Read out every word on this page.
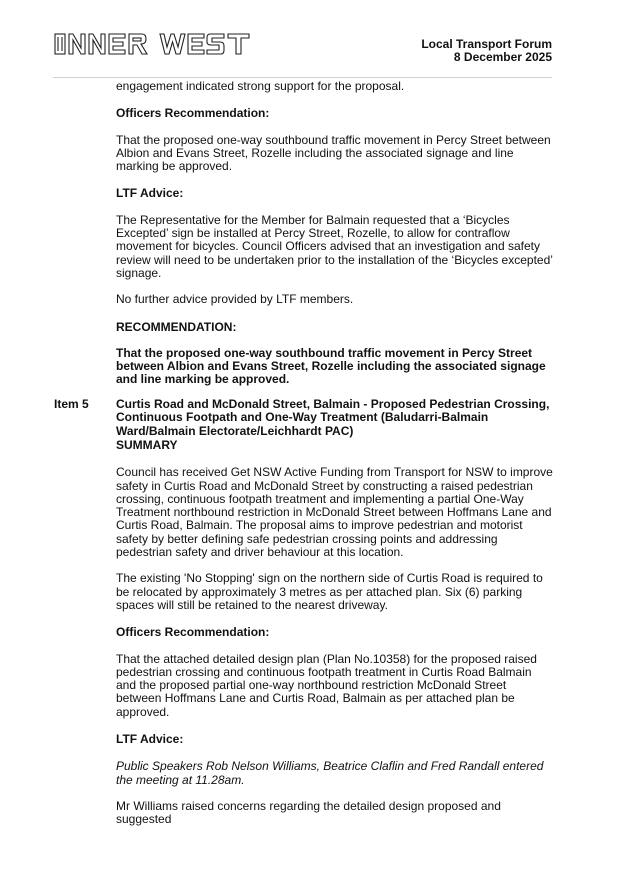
Local Transport Forum
8 December 2025

engagement indicated strong support for the proposal.

Officers Recommendation:

That the proposed one-way southbound traffic movement in Percy Street between Albion and Evans Street, Rozelle including the associated signage and line marking be approved.

LTF Advice:

The Representative for the Member for Balmain requested that a ‘Bicycles Excepted’ sign be installed at Percy Street, Rozelle, to allow for contraflow movement for bicycles. Council Officers advised that an investigation and safety review will need to be undertaken prior to the installation of the ‘Bicycles excepted’ signage.

No further advice provided by LTF members.

RECOMMENDATION:

That the proposed one-way southbound traffic movement in Percy Street between Albion and Evans Street, Rozelle including the associated signage and line marking be approved.

Item 5 Curtis Road and McDonald Street, Balmain - Proposed Pedestrian Crossing, Continuous Footpath and One-Way Treatment (Baludarri-Balmain Ward/Balmain Electorate/Leichhardt PAC)

SUMMARY

Council has received Get NSW Active Funding from Transport for NSW to improve safety in Curtis Road and McDonald Street by constructing a raised pedestrian crossing, continuous footpath treatment and implementing a partial One-Way Treatment northbound restriction in McDonald Street between Hoffmans Lane and Curtis Road, Balmain. The proposal aims to improve pedestrian and motorist safety by better defining safe pedestrian crossing points and addressing pedestrian safety and driver behaviour at this location.

The existing 'No Stopping' sign on the northern side of Curtis Road is required to be relocated by approximately 3 metres as per attached plan. Six (6) parking spaces will still be retained to the nearest driveway.

Officers Recommendation:

That the attached detailed design plan (Plan No.10358) for the proposed raised pedestrian crossing and continuous footpath treatment in Curtis Road Balmain and the proposed partial one-way northbound restriction McDonald Street between Hoffmans Lane and Curtis Road, Balmain as per attached plan be approved.

LTF Advice:

Public Speakers Rob Nelson Williams, Beatrice Claflin and Fred Randall entered the meeting at 11.28am.

Mr Williams raised concerns regarding the detailed design proposed and suggested
